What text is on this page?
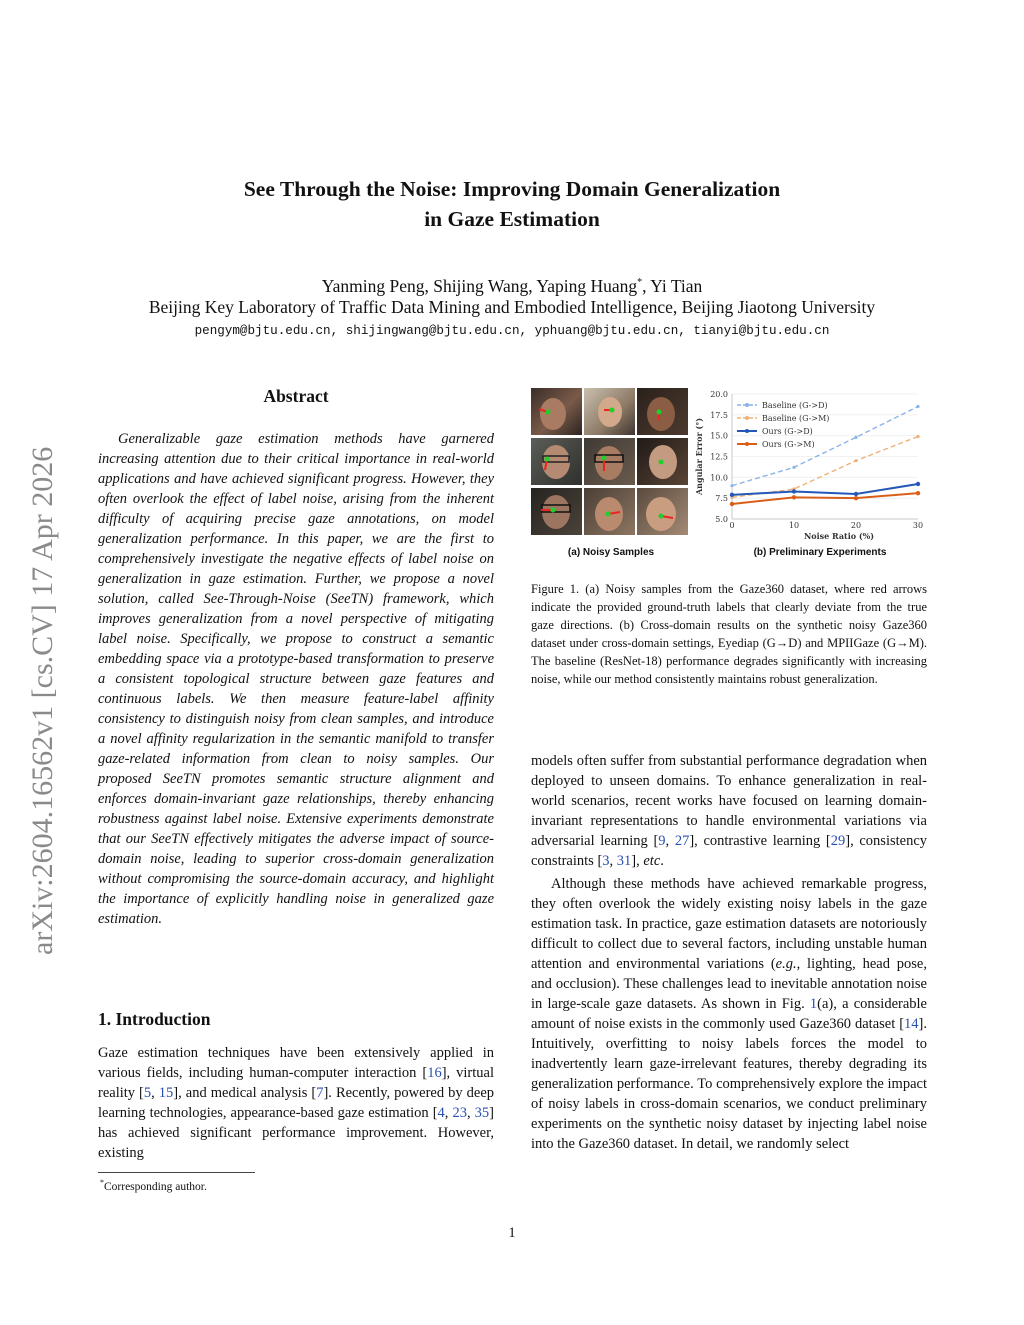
arXiv:2604.16562v1 [cs.CV] 17 Apr 2026
See Through the Noise: Improving Domain Generalization
in Gaze Estimation
Yanming Peng, Shijing Wang, Yaping Huang*, Yi Tian
Beijing Key Laboratory of Traffic Data Mining and Embodied Intelligence, Beijing Jiaotong University
pengym@bjtu.edu.cn, shijingwang@bjtu.edu.cn, yphuang@bjtu.edu.cn, tianyi@bjtu.edu.cn
Abstract

Generalizable gaze estimation methods have garnered increasing attention due to their critical importance in real-world applications and have achieved significant progress. However, they often overlook the effect of label noise, arising from the inherent difficulty of acquiring precise gaze annotations, on model generalization performance. In this paper, we are the first to comprehensively investigate the negative effects of label noise on generalization in gaze estimation. Further, we propose a novel solution, called See-Through-Noise (SeeTN) framework, which improves generalization from a novel perspective of mitigating label noise. Specifically, we propose to construct a semantic embedding space via a prototype-based transformation to preserve a consistent topological structure between gaze features and continuous labels. We then measure feature-label affinity consistency to distinguish noisy from clean samples, and introduce a novel affinity regularization in the semantic manifold to transfer gaze-related information from clean to noisy samples. Our proposed SeeTN promotes semantic structure alignment and enforces domain-invariant gaze relationships, thereby enhancing robustness against label noise. Extensive experiments demonstrate that our SeeTN effectively mitigates the adverse impact of source-domain noise, leading to superior cross-domain generalization without compromising the source-domain accuracy, and highlight the importance of explicitly handling noise in generalized gaze estimation.

1. Introduction

Gaze estimation techniques have been extensively applied in various fields, including human-computer interaction [16], virtual reality [5, 15], and medical analysis [7]. Recently, powered by deep learning technologies, appearance-based gaze estimation [4, 23, 35] has achieved significant performance improvement. However, existing

*Corresponding author.
5.0
7.5
10.0
12.5
15.0
17.5
20.0
0	10	20	30
Noise Ratio (%)
Angular Error (°)
Baseline (G->D)
Baseline (G->M)
Ours (G->D)
Ours (G->M)
(a) Noisy Samples	(b) Preliminary Experiments

Figure 1. (a) Noisy samples from the Gaze360 dataset, where red arrows indicate the provided ground-truth labels that clearly deviate from the true gaze directions. (b) Cross-domain results on the synthetic noisy Gaze360 dataset under cross-domain settings, Eyediap (G→D) and MPIIGaze (G→M). The baseline (ResNet-18) performance degrades significantly with increasing noise, while our method consistently maintains robust generalization.

models often suffer from substantial performance degradation when deployed to unseen domains. To enhance generalization in real-world scenarios, recent works have focused on learning domain-invariant representations to handle environmental variations via adversarial learning [9, 27], contrastive learning [29], consistency constraints [3, 31], etc.

Although these methods have achieved remarkable progress, they often overlook the widely existing noisy labels in the gaze estimation task. In practice, gaze estimation datasets are notoriously difficult to collect due to several factors, including unstable human attention and environmental variations (e.g., lighting, head pose, and occlusion). These challenges lead to inevitable annotation noise in large-scale gaze datasets. As shown in Fig. 1(a), a considerable amount of noise exists in the commonly used Gaze360 dataset [14]. Intuitively, overfitting to noisy labels forces the model to inadvertently learn gaze-irrelevant features, thereby degrading its generalization performance. To comprehensively explore the impact of noisy labels in cross-domain scenarios, we conduct preliminary experiments on the synthetic noisy dataset by injecting label noise into the Gaze360 dataset. In detail, we randomly select

1
